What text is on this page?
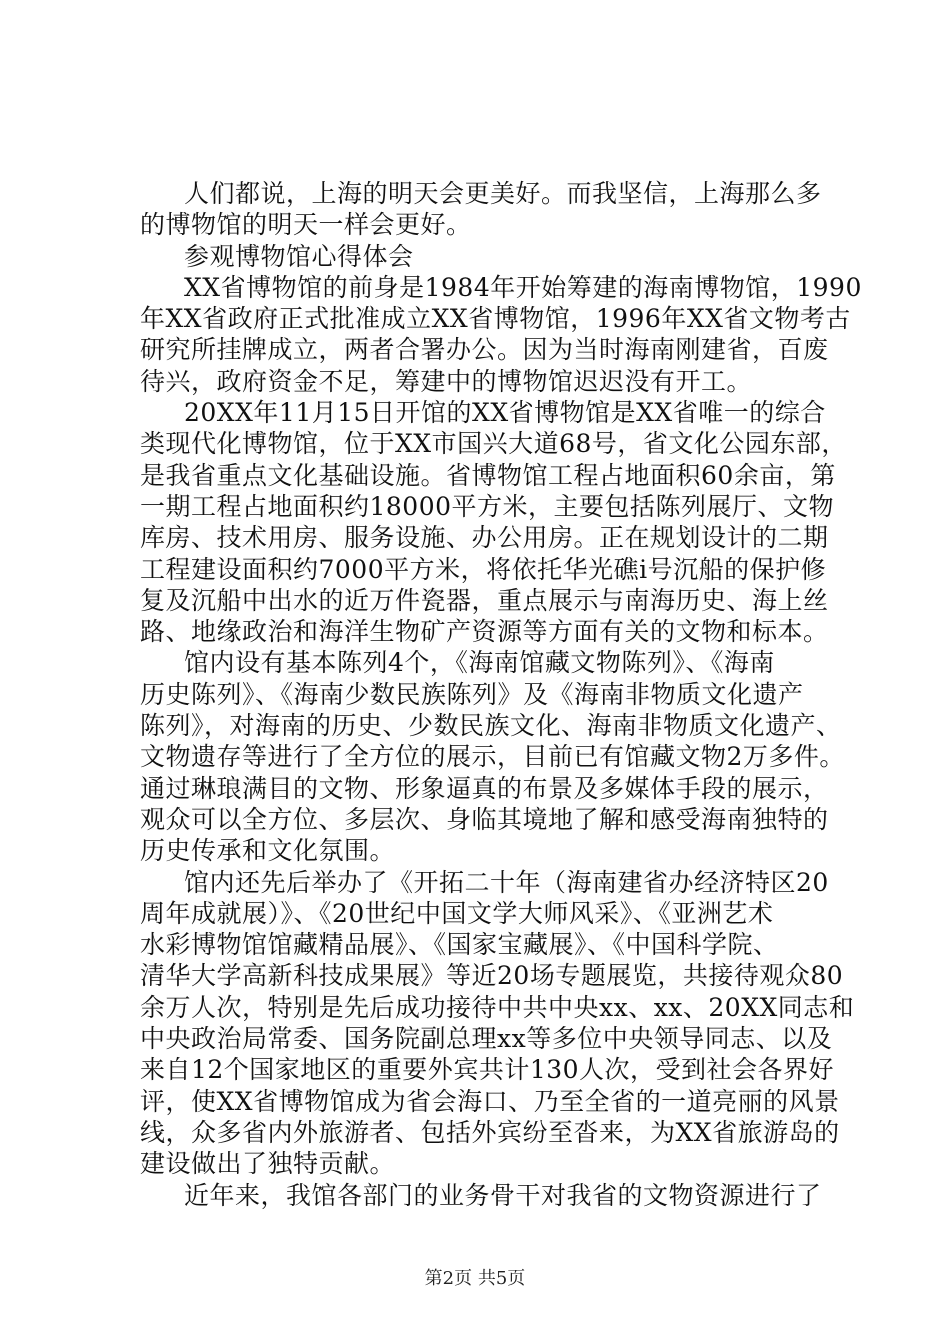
人们都说，上海的明天会更美好。而我坚信，上海那么多
的博物馆的明天一样会更好。
参观博物馆心得体会
XX省博物馆的前身是1984年开始筹建的海南博物馆，1990
年XX省政府正式批准成立XX省博物馆，1996年XX省文物考古
研究所挂牌成立，两者合署办公。因为当时海南刚建省，百废
待兴，政府资金不足，筹建中的博物馆迟迟没有开工。
20XX年11月15日开馆的XX省博物馆是XX省唯一的综合
类现代化博物馆，位于XX市国兴大道68号，省文化公园东部，
是我省重点文化基础设施。省博物馆工程占地面积60余亩，第
一期工程占地面积约18000平方米，主要包括陈列展厅、文物
库房、技术用房、服务设施、办公用房。正在规划设计的二期
工程建设面积约7000平方米，将依托华光礁i号沉船的保护修
复及沉船中出水的近万件瓷器，重点展示与南海历史、海上丝
路、地缘政治和海洋生物矿产资源等方面有关的文物和标本。
馆内设有基本陈列4个，《海南馆藏文物陈列》、《海南
历史陈列》、《海南少数民族陈列》及《海南非物质文化遗产
陈列》，对海南的历史、少数民族文化、海南非物质文化遗产、
文物遗存等进行了全方位的展示，目前已有馆藏文物2万多件。
通过琳琅满目的文物、形象逼真的布景及多媒体手段的展示，
观众可以全方位、多层次、身临其境地了解和感受海南独特的
历史传承和文化氛围。
馆内还先后举办了《开拓二十年（海南建省办经济特区20
周年成就展）》、《20世纪中国文学大师风采》、《亚洲艺术
水彩博物馆馆藏精品展》、《国家宝藏展》、《中国科学院、
清华大学高新科技成果展》等近20场专题展览，共接待观众80
余万人次，特别是先后成功接待中共中央xx、xx、20XX同志和
中央政治局常委、国务院副总理xx等多位中央领导同志、以及
来自12个国家地区的重要外宾共计130人次，受到社会各界好
评，使XX省博物馆成为省会海口、乃至全省的一道亮丽的风景
线，众多省内外旅游者、包括外宾纷至沓来，为XX省旅游岛的
建设做出了独特贡献。
近年来，我馆各部门的业务骨干对我省的文物资源进行了
第2页 共5页
